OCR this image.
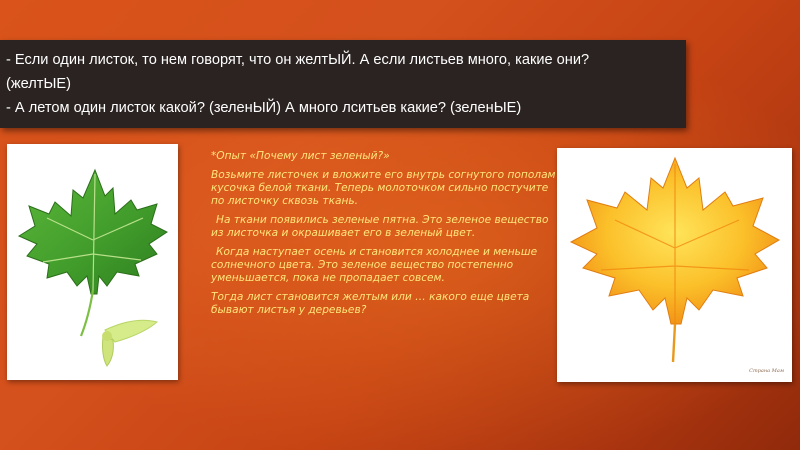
- Если один листок, то нем говорят, что он желтЫЙ. А если листьев много, какие они?

(желтЫЕ)

- А летом один листок какой? (зеленЫЙ) А много лситьев какие? (зеленЫЕ)

*Опыт «Почему лист зеленый?»

Возьмите листочек и вложите его внутрь согнутого пополам кусочка белой ткани. Теперь молоточком сильно постучите по листочку сквозь ткань.

На ткани появились зеленые пятна. Это зеленое вещество из листочка и окрашивает его в зеленый цвет.

Когда наступает осень и становится холоднее и меньше солнечного цвета. Это зеленое вещество постепенно уменьшается, пока не пропадает совсем.

Тогда лист становится желтым или … какого еще цвета бывают листья у деревьев?

Страна Мам
